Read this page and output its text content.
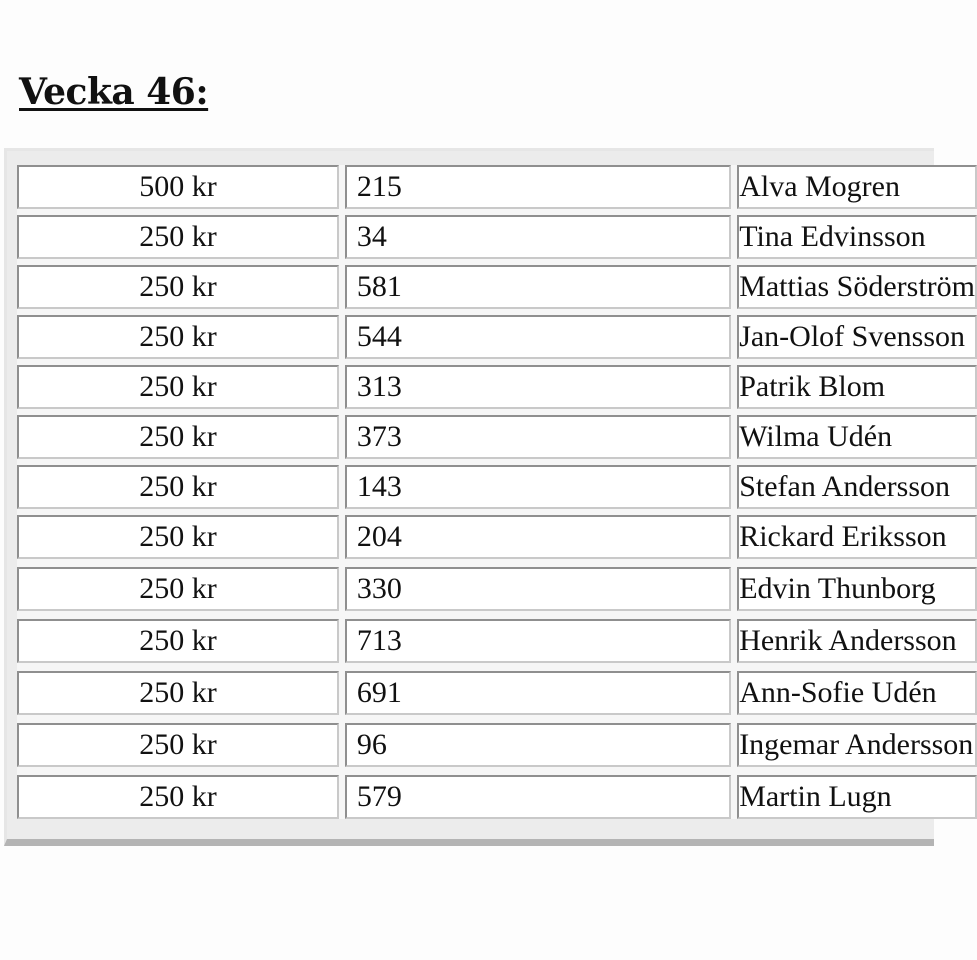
Vecka 46:
500 kr		215		Alva Mogren

250 kr		34		Tina Edvinsson

250 kr		581		Mattias Söderström

250 kr		544		Jan-Olof Svensson

250 kr		313		Patrik Blom

250 kr		373		Wilma Udén

250 kr		143		Stefan Andersson

250 kr		204		Rickard Eriksson

250 kr		330		Edvin Thunborg

250 kr		713		Henrik Andersson

250 kr		691		Ann-Sofie Udén

250 kr		96		Ingemar Andersson

250 kr		579		Martin Lugn
